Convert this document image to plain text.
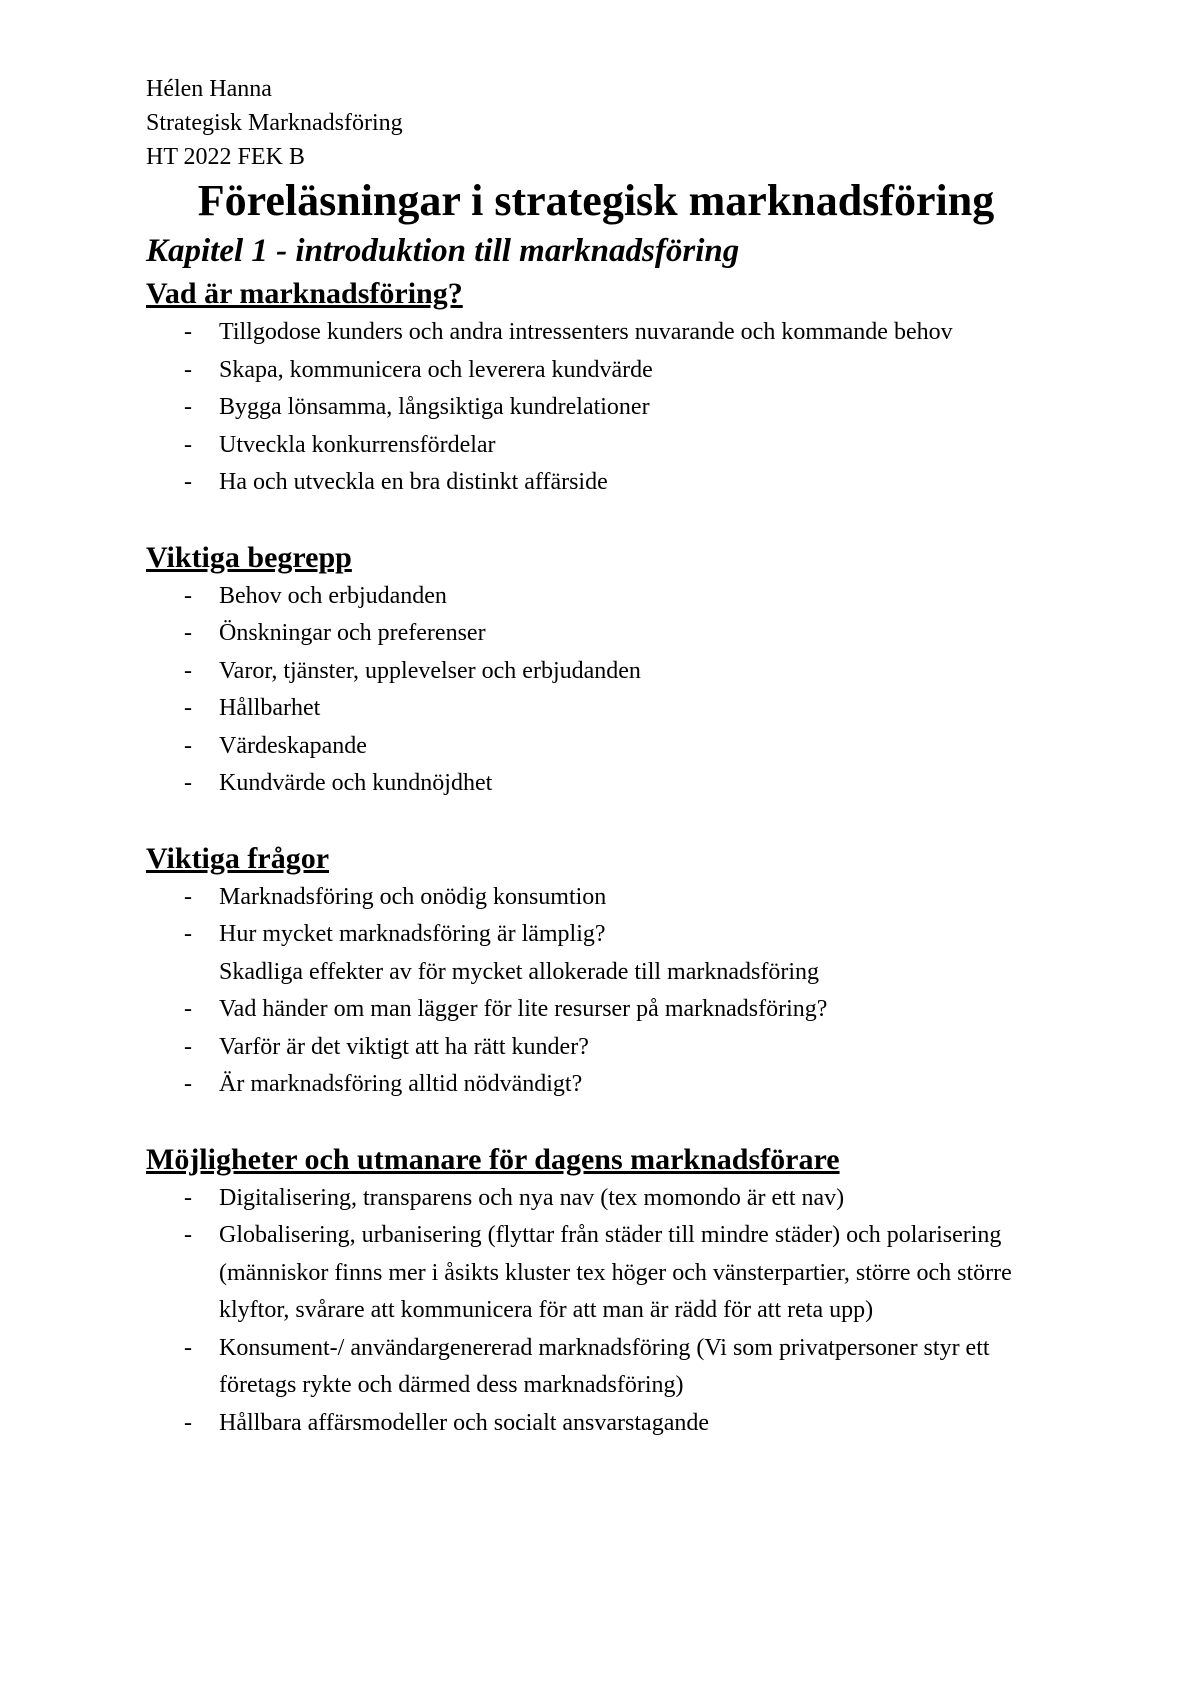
Hélen Hanna

Strategisk Marknadsföring

HT 2022 FEK B

Föreläsningar i strategisk marknadsföring
Kapitel 1 - introduktion till marknadsföring
Vad är marknadsföring?
- Tillgodose kunders och andra intressenters nuvarande och kommande behov
- Skapa, kommunicera och leverera kundvärde
- Bygga lönsamma, långsiktiga kundrelationer
- Utveckla konkurrensfördelar
- Ha och utveckla en bra distinkt affärside
Viktiga begrepp
- Behov och erbjudanden
- Önskningar och preferenser
- Varor, tjänster, upplevelser och erbjudanden
- Hållbarhet
- Värdeskapande
- Kundvärde och kundnöjdhet
Viktiga frågor
- Marknadsföring och onödig konsumtion
- Hur mycket marknadsföring är lämplig?
Skadliga effekter av för mycket allokerade till marknadsföring
- Vad händer om man lägger för lite resurser på marknadsföring?
- Varför är det viktigt att ha rätt kunder?
- Är marknadsföring alltid nödvändigt?
Möjligheter och utmanare för dagens marknadsförare
- Digitalisering, transparens och nya nav (tex momondo är ett nav)
- Globalisering, urbanisering (flyttar från städer till mindre städer) och polarisering (människor finns mer i åsikts kluster tex höger och vänsterpartier, större och större klyftor, svårare att kommunicera för att man är rädd för att reta upp)
- Konsument-/ användargenererad marknadsföring (Vi som privatpersoner styr ett företags rykte och därmed dess marknadsföring)
- Hållbara affärsmodeller och socialt ansvarstagande
